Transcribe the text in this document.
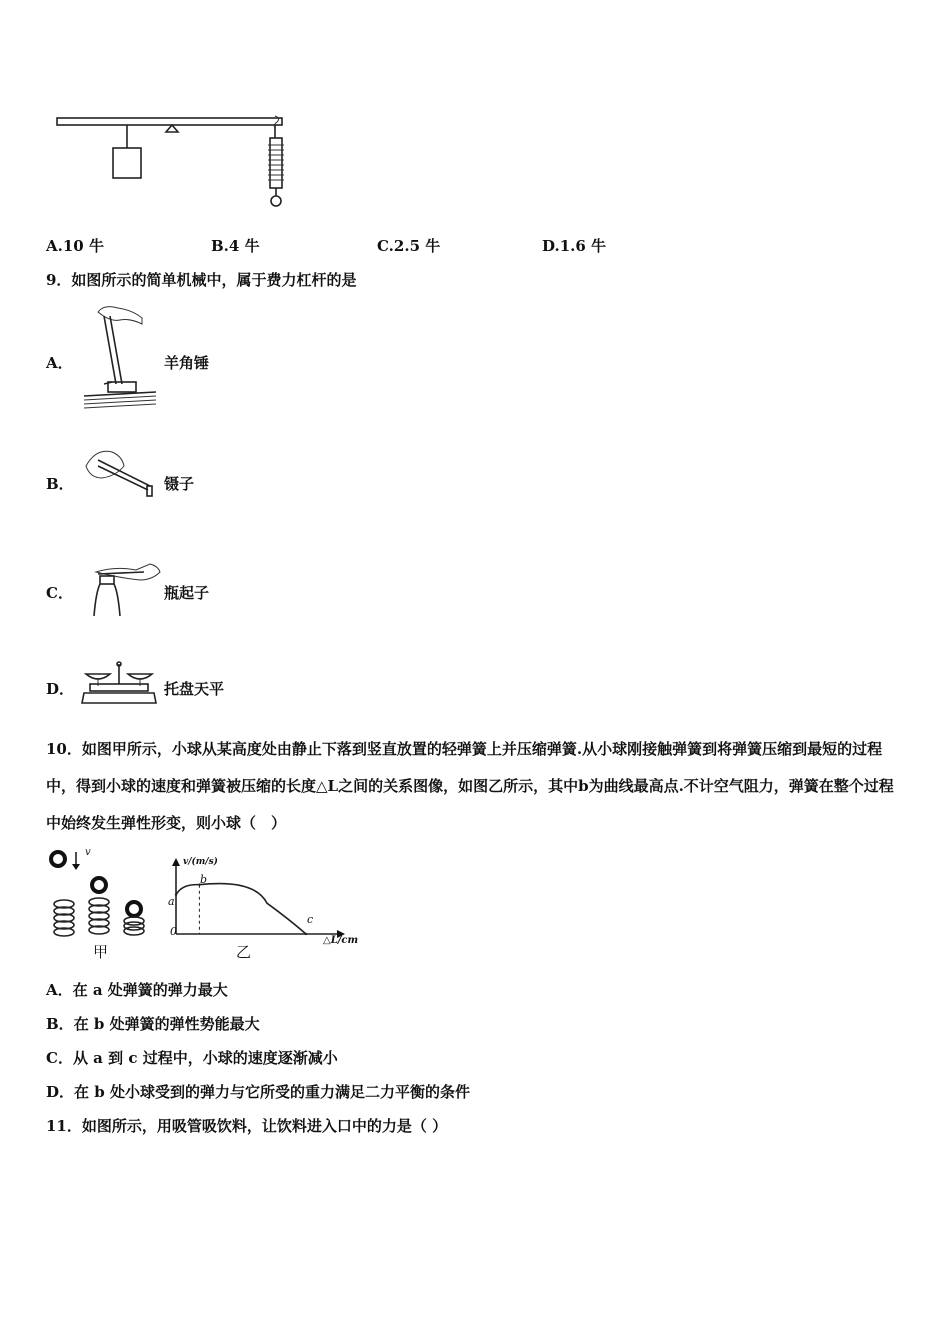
A.10 牛	B.4 牛	C.2.5 牛	D.1.6 牛
9．如图所示的简单机械中，属于费力杠杆的是
A．	羊角锤
B．	镊子
C．	瓶起子
D．	托盘天平
10．如图甲所示，小球从某高度处由静止下落到竖直放置的轻弹簧上并压缩弹簧.从小球刚接触弹簧到将弹簧压缩到最短的过程中，得到小球的速度和弹簧被压缩的长度△L之间的关系图像，如图乙所示，其中b为曲线最高点.不计空气阻力，弹簧在整个过程中始终发生弹性形变，则小球（　）
v
甲
v/(m/s)
△L/cm
0
a
b
c
乙
A．在 a 处弹簧的弹力最大
B．在 b 处弹簧的弹性势能最大
C．从 a 到 c 过程中，小球的速度逐渐减小
D．在 b 处小球受到的弹力与它所受的重力满足二力平衡的条件
11．如图所示，用吸管吸饮料，让饮料进入口中的力是（ ）
